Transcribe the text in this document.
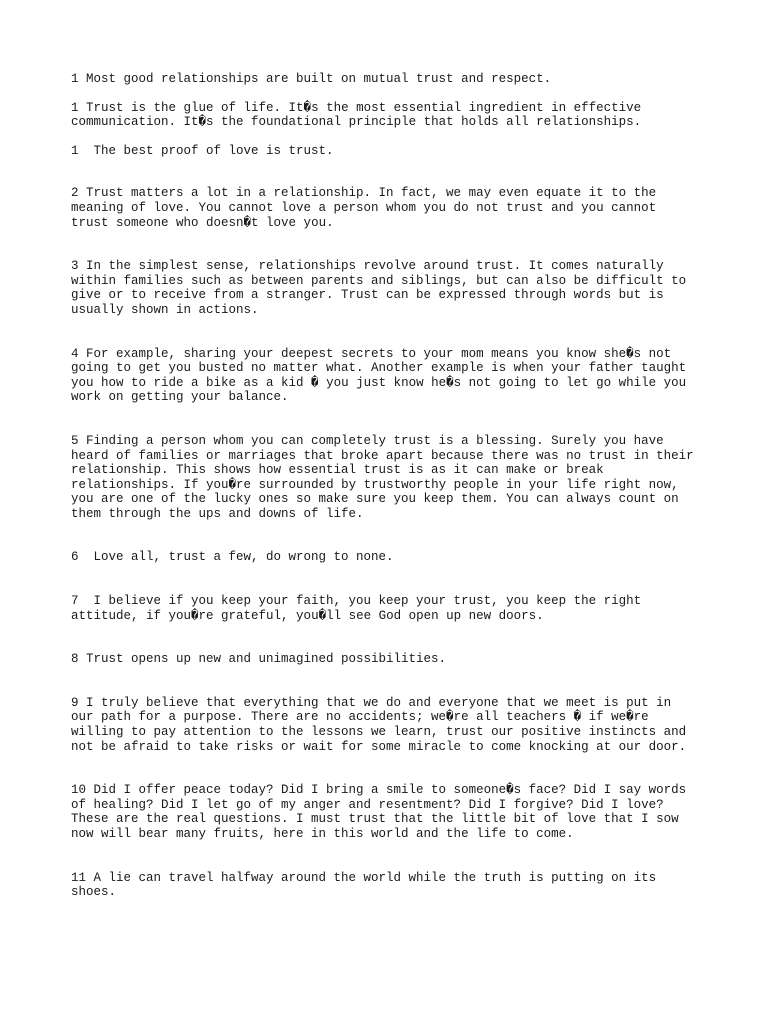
1 Most good relationships are built on mutual trust and respect.

1 Trust is the glue of life. It�s the most essential ingredient in effective
communication. It�s the foundational principle that holds all relationships.

1  The best proof of love is trust.

2 Trust matters a lot in a relationship. In fact, we may even equate it to the
meaning of love. You cannot love a person whom you do not trust and you cannot
trust someone who doesn�t love you.

3 In the simplest sense, relationships revolve around trust. It comes naturally
within families such as between parents and siblings, but can also be difficult to
give or to receive from a stranger. Trust can be expressed through words but is
usually shown in actions.

4 For example, sharing your deepest secrets to your mom means you know she�s not
going to get you busted no matter what. Another example is when your father taught
you how to ride a bike as a kid � you just know he�s not going to let go while you
work on getting your balance.

5 Finding a person whom you can completely trust is a blessing. Surely you have
heard of families or marriages that broke apart because there was no trust in their
relationship. This shows how essential trust is as it can make or break
relationships. If you�re surrounded by trustworthy people in your life right now,
you are one of the lucky ones so make sure you keep them. You can always count on
them through the ups and downs of life.

6  Love all, trust a few, do wrong to none.

7  I believe if you keep your faith, you keep your trust, you keep the right
attitude, if you�re grateful, you�ll see God open up new doors.

8 Trust opens up new and unimagined possibilities.

9 I truly believe that everything that we do and everyone that we meet is put in
our path for a purpose. There are no accidents; we�re all teachers � if we�re
willing to pay attention to the lessons we learn, trust our positive instincts and
not be afraid to take risks or wait for some miracle to come knocking at our door.

10 Did I offer peace today? Did I bring a smile to someone�s face? Did I say words
of healing? Did I let go of my anger and resentment? Did I forgive? Did I love?
These are the real questions. I must trust that the little bit of love that I sow
now will bear many fruits, here in this world and the life to come.

11 A lie can travel halfway around the world while the truth is putting on its
shoes.
